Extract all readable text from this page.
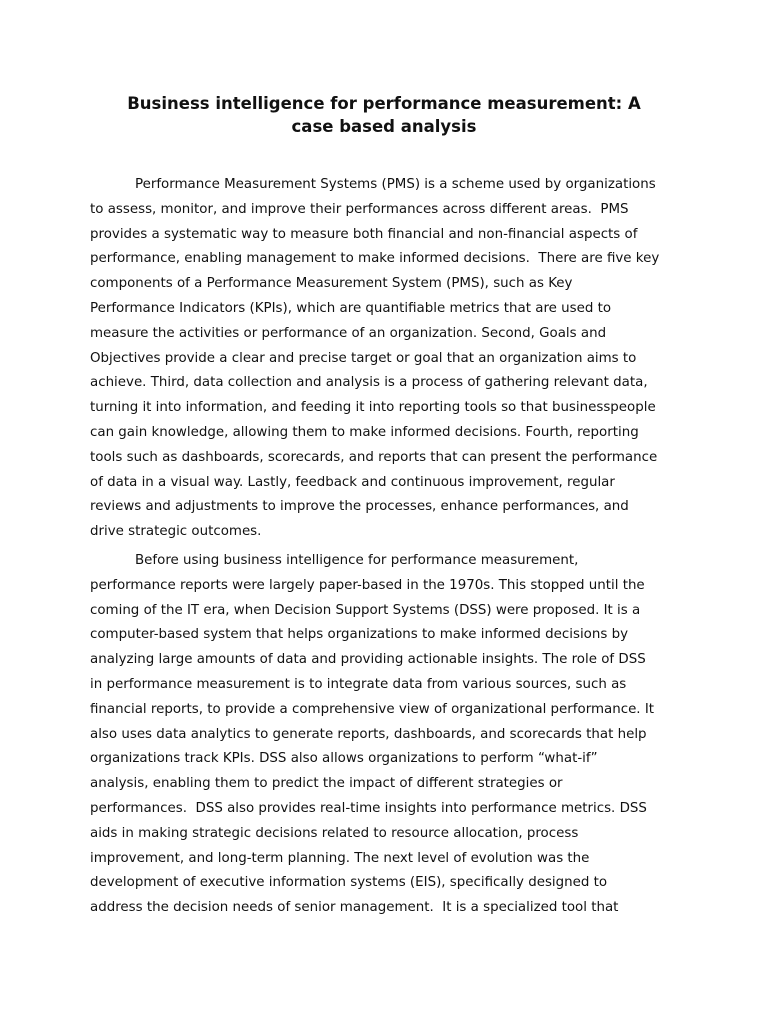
Business intelligence for performance measurement: A
case based analysis
Performance Measurement Systems (PMS) is a scheme used by organizations
to assess, monitor, and improve their performances across different areas.  PMS
provides a systematic way to measure both financial and non-financial aspects of
performance, enabling management to make informed decisions.  There are five key
components of a Performance Measurement System (PMS), such as Key
Performance Indicators (KPIs), which are quantifiable metrics that are used to
measure the activities or performance of an organization. Second, Goals and
Objectives provide a clear and precise target or goal that an organization aims to
achieve. Third, data collection and analysis is a process of gathering relevant data,
turning it into information, and feeding it into reporting tools so that businesspeople
can gain knowledge, allowing them to make informed decisions. Fourth, reporting
tools such as dashboards, scorecards, and reports that can present the performance
of data in a visual way. Lastly, feedback and continuous improvement, regular
reviews and adjustments to improve the processes, enhance performances, and
drive strategic outcomes.
Before using business intelligence for performance measurement,
performance reports were largely paper-based in the 1970s. This stopped until the
coming of the IT era, when Decision Support Systems (DSS) were proposed. It is a
computer-based system that helps organizations to make informed decisions by
analyzing large amounts of data and providing actionable insights. The role of DSS
in performance measurement is to integrate data from various sources, such as
financial reports, to provide a comprehensive view of organizational performance. It
also uses data analytics to generate reports, dashboards, and scorecards that help
organizations track KPIs. DSS also allows organizations to perform “what-if”
analysis, enabling them to predict the impact of different strategies or
performances.  DSS also provides real-time insights into performance metrics. DSS
aids in making strategic decisions related to resource allocation, process
improvement, and long-term planning. The next level of evolution was the
development of executive information systems (EIS), specifically designed to
address the decision needs of senior management.  It is a specialized tool that
